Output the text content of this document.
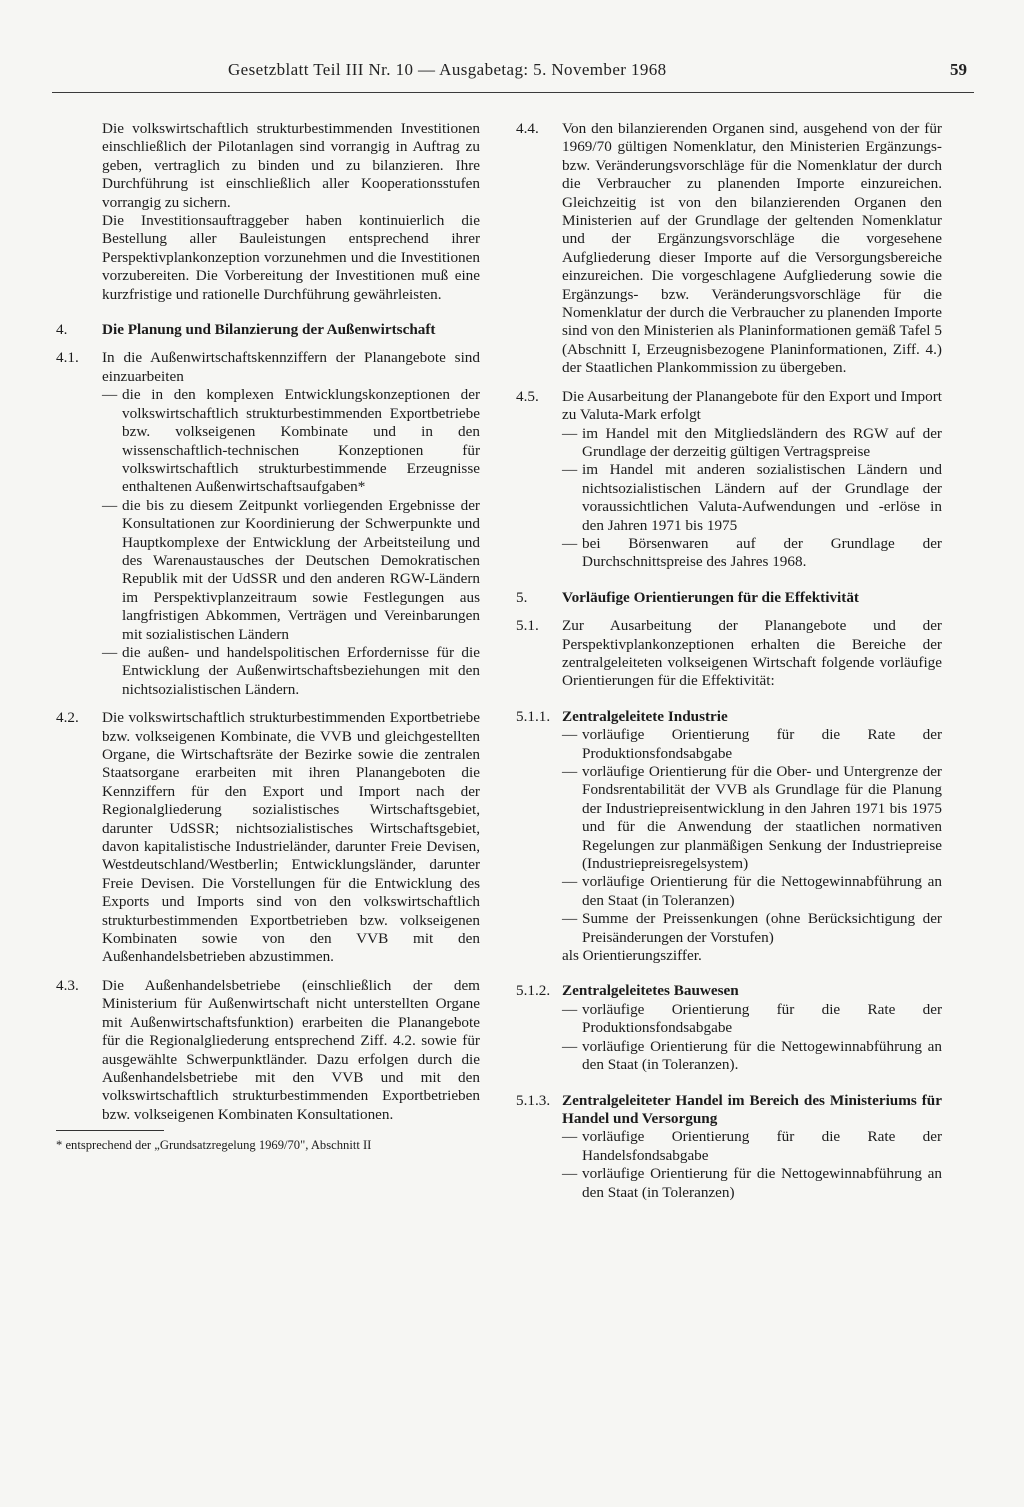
Gesetzblatt Teil III Nr. 10 — Ausgabetag: 5. November 1968	59

Die volkswirtschaftlich strukturbestimmenden Investitionen einschließlich der Pilotanlagen sind vorrangig in Auftrag zu geben, vertraglich zu binden und zu bilanzieren. Ihre Durchführung ist einschließlich aller Kooperationsstufen vorrangig zu sichern.

Die Investitionsauftraggeber haben kontinuierlich die Bestellung aller Bauleistungen entsprechend ihrer Perspektivplankonzeption vorzunehmen und die Investitionen vorzubereiten. Die Vorbereitung der Investitionen muß eine kurzfristige und rationelle Durchführung gewährleisten.

4.	Die Planung und Bilanzierung der Außenwirtschaft
4.1.	In die Außenwirtschaftskennziffern der Planangebote sind einzuarbeiten
— die in den komplexen Entwicklungskonzeptionen der volkswirtschaftlich strukturbestimmenden Exportbetriebe bzw. volkseigenen Kombinate und in den wissenschaftlich-technischen Konzeptionen für volkswirtschaftlich strukturbestimmende Erzeugnisse enthaltenen Außenwirtschaftsaufgaben*
— die bis zu diesem Zeitpunkt vorliegenden Ergebnisse der Konsultationen zur Koordinierung der Schwerpunkte und Hauptkomplexe der Entwicklung der Arbeitsteilung und des Warenaustausches der Deutschen Demokratischen Republik mit der UdSSR und den anderen RGW-Ländern im Perspektivplanzeitraum sowie Festlegungen aus langfristigen Abkommen, Verträgen und Vereinbarungen mit sozialistischen Ländern
— die außen- und handelspolitischen Erfordernisse für die Entwicklung der Außenwirtschaftsbeziehungen mit den nichtsozialistischen Ländern.
4.2.	Die volkswirtschaftlich strukturbestimmenden Exportbetriebe bzw. volkseigenen Kombinate, die VVB und gleichgestellten Organe, die Wirtschaftsräte der Bezirke sowie die zentralen Staatsorgane erarbeiten mit ihren Planangeboten die Kennziffern für den Export und Import nach der Regionalgliederung sozialistisches Wirtschaftsgebiet, darunter UdSSR; nichtsozialistisches Wirtschaftsgebiet, davon kapitalistische Industrieländer, darunter Freie Devisen, Westdeutschland/Westberlin; Entwicklungsländer, darunter Freie Devisen. Die Vorstellungen für die Entwicklung des Exports und Imports sind von den volkswirtschaftlich strukturbestimmenden Exportbetrieben bzw. volkseigenen Kombinaten sowie von den VVB mit den Außenhandelsbetrieben abzustimmen.
4.3.	Die Außenhandelsbetriebe (einschließlich der dem Ministerium für Außenwirtschaft nicht unterstellten Organe mit Außenwirtschaftsfunktion) erarbeiten die Planangebote für die Regionalgliederung entsprechend Ziff. 4.2. sowie für ausgewählte Schwerpunktländer. Dazu erfolgen durch die Außenhandelsbetriebe mit den VVB und mit den volkswirtschaftlich strukturbestimmenden Exportbetrieben bzw. volkseigenen Kombinaten Konsultationen.
* entsprechend der „Grundsatzregelung 1969/70", Abschnitt II
4.4.	Von den bilanzierenden Organen sind, ausgehend von der für 1969/70 gültigen Nomenklatur, den Ministerien Ergänzungs- bzw. Veränderungsvorschläge für die Nomenklatur der durch die Verbraucher zu planenden Importe einzureichen. Gleichzeitig ist von den bilanzierenden Organen den Ministerien auf der Grundlage der geltenden Nomenklatur und der Ergänzungsvorschläge die vorgesehene Aufgliederung dieser Importe auf die Versorgungsbereiche einzureichen. Die vorgeschlagene Aufgliederung sowie die Ergänzungs- bzw. Veränderungsvorschläge für die Nomenklatur der durch die Verbraucher zu planenden Importe sind von den Ministerien als Planinformationen gemäß Tafel 5 (Abschnitt I, Erzeugnisbezogene Planinformationen, Ziff. 4.) der Staatlichen Plankommission zu übergeben.
4.5.	Die Ausarbeitung der Planangebote für den Export und Import zu Valuta-Mark erfolgt
— im Handel mit den Mitgliedsländern des RGW auf der Grundlage der derzeitig gültigen Vertragspreise
— im Handel mit anderen sozialistischen Ländern und nichtsozialistischen Ländern auf der Grundlage der voraussichtlichen Valuta-Aufwendungen und -erlöse in den Jahren 1971 bis 1975
— bei Börsenwaren auf der Grundlage der Durchschnittspreise des Jahres 1968.
5.	Vorläufige Orientierungen für die Effektivität
5.1.	Zur Ausarbeitung der Planangebote und der Perspektivplankonzeptionen erhalten die Bereiche der zentralgeleiteten volkseigenen Wirtschaft folgende vorläufige Orientierungen für die Effektivität:
5.1.1. Zentralgeleitete Industrie
— vorläufige Orientierung für die Rate der Produktionsfondsabgabe
— vorläufige Orientierung für die Ober- und Untergrenze der Fondsrentabilität der VVB als Grundlage für die Planung der Industriepreisentwicklung in den Jahren 1971 bis 1975 und für die Anwendung der staatlichen normativen Regelungen zur planmäßigen Senkung der Industriepreise (Industriepreisregelsystem)
— vorläufige Orientierung für die Nettogewinnabführung an den Staat (in Toleranzen)
— Summe der Preissenkungen (ohne Berücksichtigung der Preisänderungen der Vorstufen)
als Orientierungsziffer.
5.1.2. Zentralgeleitetes Bauwesen
— vorläufige Orientierung für die Rate der Produktionsfondsabgabe
— vorläufige Orientierung für die Nettogewinnabführung an den Staat (in Toleranzen).
5.1.3. Zentralgeleiteter Handel im Bereich des Ministeriums für Handel und Versorgung
— vorläufige Orientierung für die Rate der Handelsfondsabgabe
— vorläufige Orientierung für die Nettogewinnabführung an den Staat (in Toleranzen)
